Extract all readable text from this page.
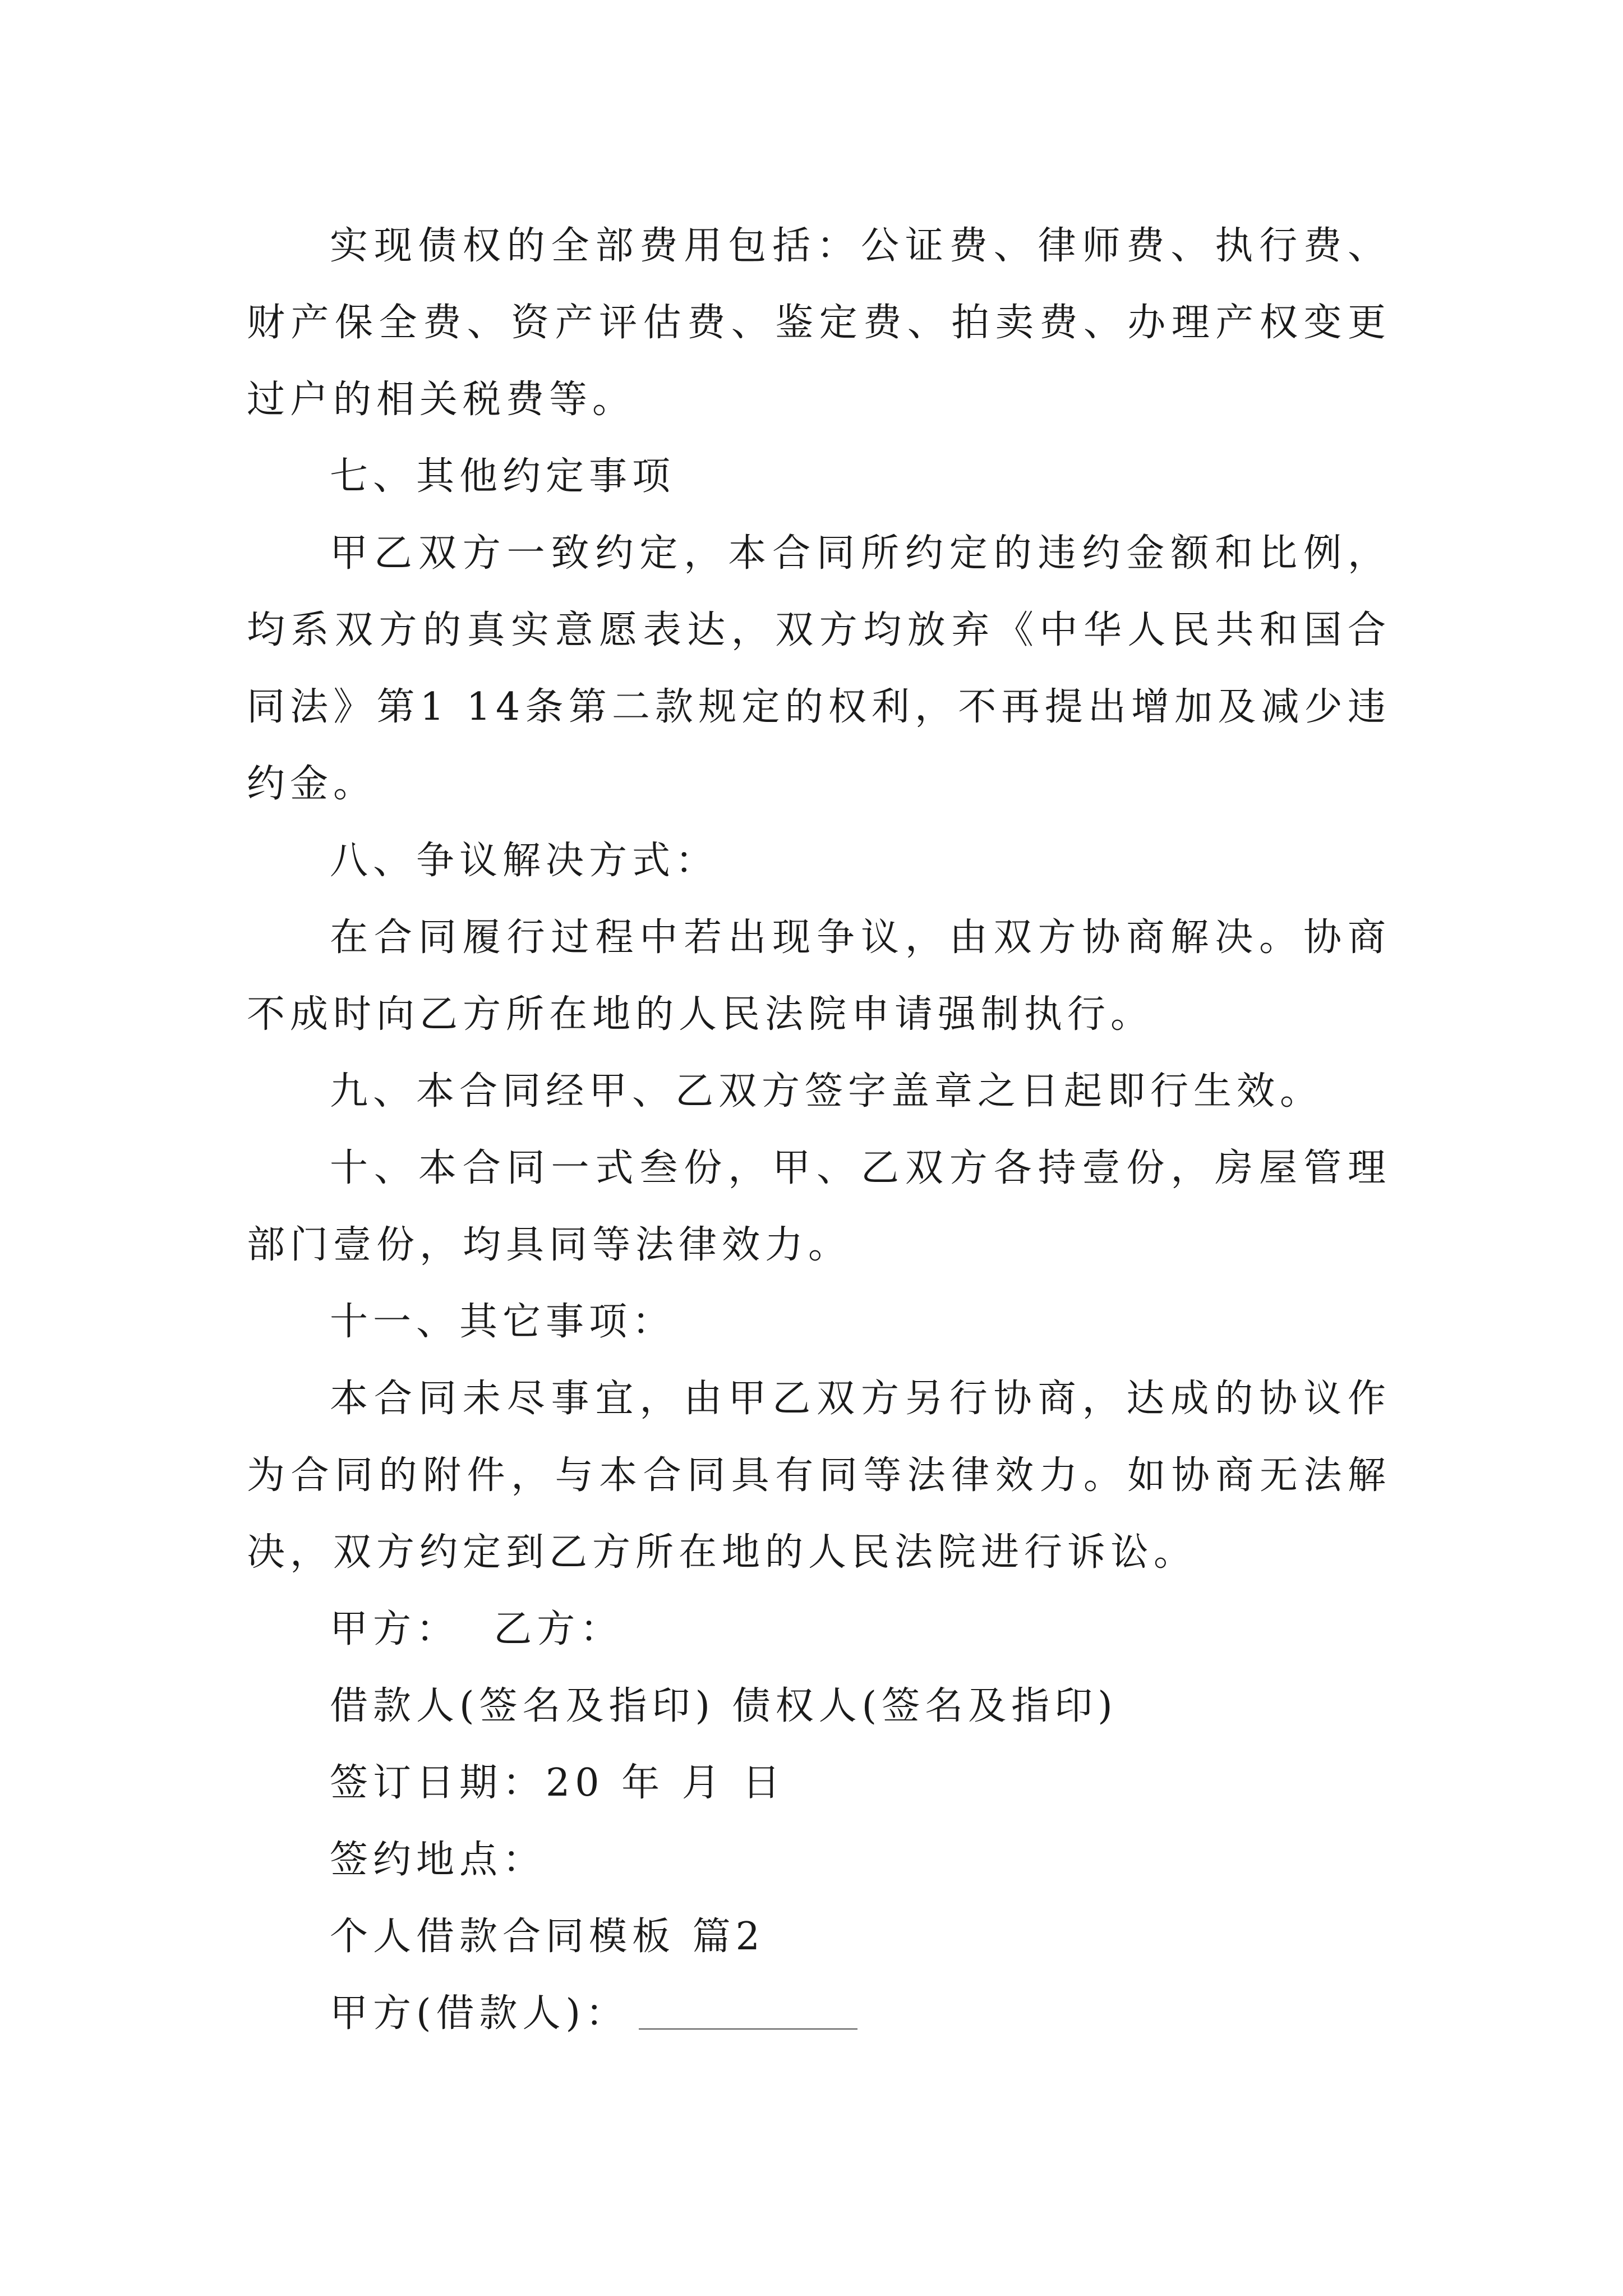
实现债权的全部费用包括：公证费、律师费、执行费、财产保全费、资产评估费、鉴定费、拍卖费、办理产权变更过户的相关税费等。

七、其他约定事项

甲乙双方一致约定，本合同所约定的违约金额和比例，均系双方的真实意愿表达，双方均放弃《中华人民共和国合同法》第1 14条第二款规定的权利，不再提出增加及减少违约金。

八、争议解决方式：

在合同履行过程中若出现争议，由双方协商解决。协商不成时向乙方所在地的人民法院申请强制执行。

九、本合同经甲、乙双方签字盖章之日起即行生效。

十、本合同一式叁份，甲、乙双方各持壹份，房屋管理部门壹份，均具同等法律效力。

十一、其它事项：

本合同未尽事宜，由甲乙双方另行协商，达成的协议作为合同的附件，与本合同具有同等法律效力。如协商无法解决，双方约定到乙方所在地的人民法院进行诉讼。

甲方：  乙方：

借款人(签名及指印) 债权人(签名及指印)

签订日期：20 年 月 日

签约地点：

个人借款合同模板 篇2

甲方(借款人)：
